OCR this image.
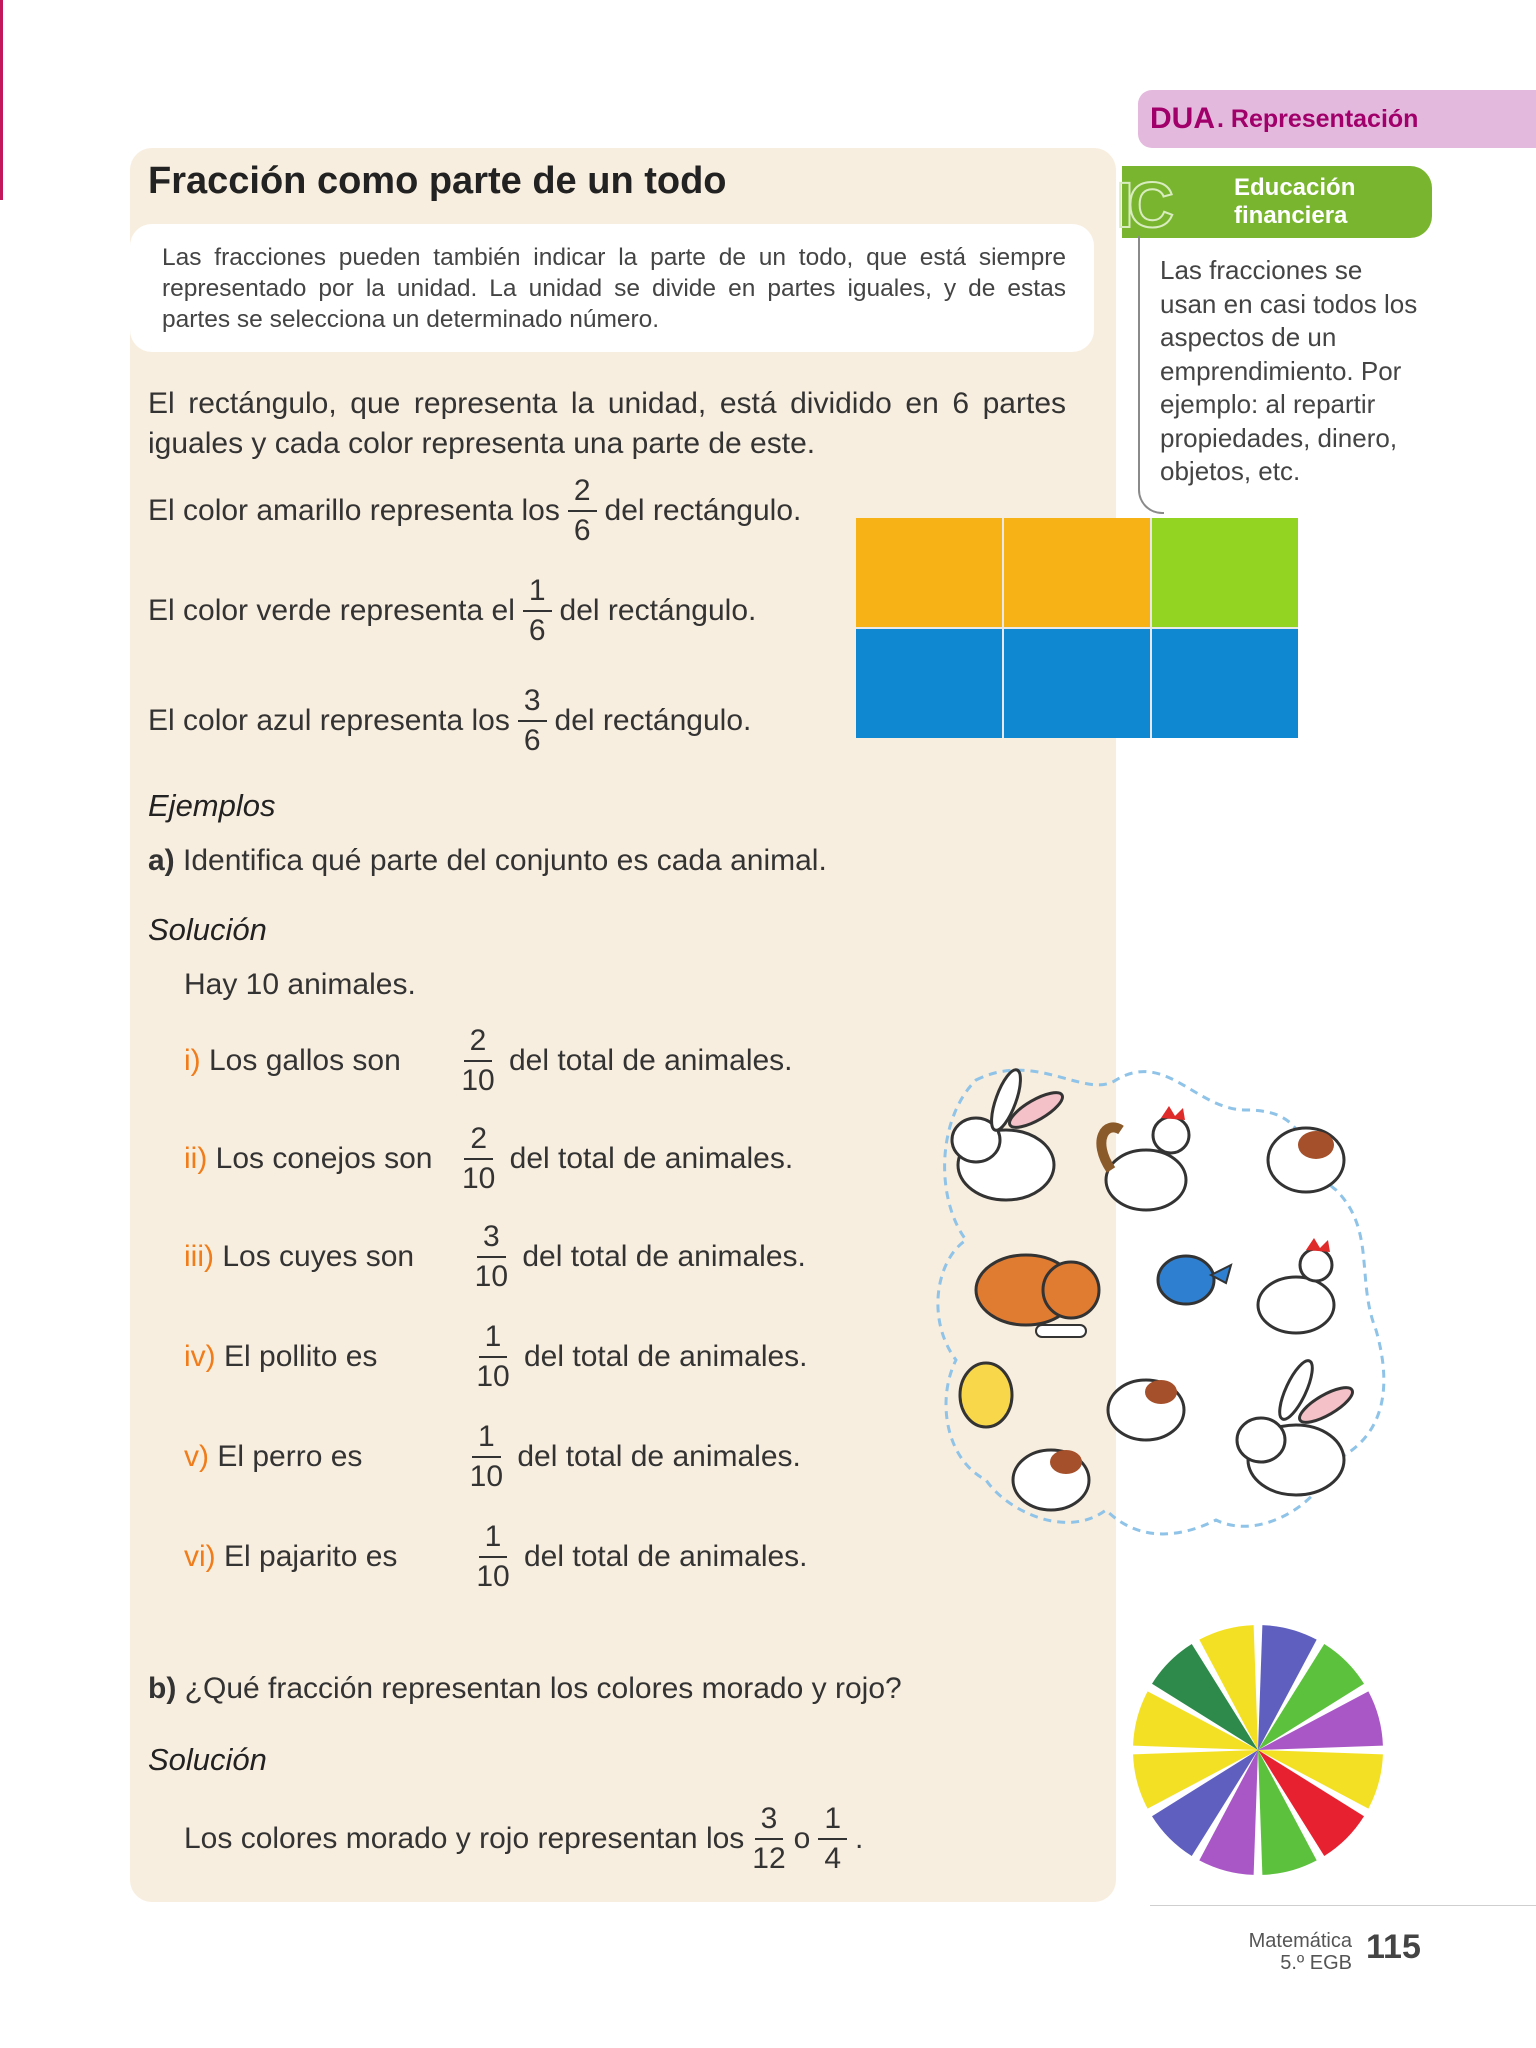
DUA . Representación
Fracción como parte de un todo
Las fracciones pueden también indicar la parte de un todo, que está siempre representado por la unidad. La unidad se divide en partes iguales, y de estas partes se selecciona un determinado número.
El rectángulo, que representa la unidad, está dividido en 6 partes iguales y cada color representa una parte de este.
El color amarillo representa los $\frac{2}{6}$ del rectángulo.
El color verde representa el $\frac{1}{6}$ del rectángulo.
El color azul representa los $\frac{3}{6}$ del rectángulo.
IC	Educación
financiera
Las fracciones se usan en casi todos los aspectos de un emprendimiento. Por ejemplo: al repartir propiedades, dinero, objetos, etc.
Ejemplos
a)
Identifica qué parte del conjunto es cada animal.
Solución
Hay 10 animales.
i)
Los gallos son	$\frac{2}{10}$ del total de animales.
ii)
Los conejos son $\frac{2}{10}$ del total de animales.
iii)
Los cuyes son	$\frac{3}{10}$ del total de animales.
iv)
El pollito es	$\frac{1}{10}$ del total de animales.
v)
El perro es	$\frac{1}{10}$ del total de animales.
vi)
El pajarito es	$\frac{1}{10}$ del total de animales.
b)
¿Qué fracción representan los colores morado y rojo?
Solución
Los colores morado y rojo representan los $\frac{3}{12}$ o $\frac{1}{4}$ .
Matemática
5.º EGB 115
